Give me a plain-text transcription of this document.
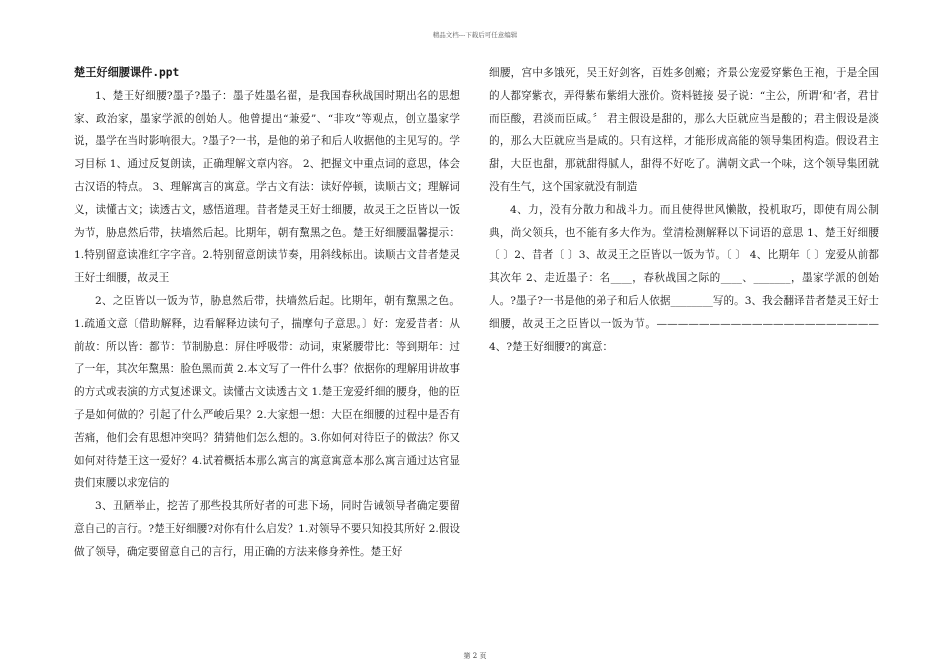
精品文档---下载后可任意编辑

楚王好细腰课件.ppt

1、楚王好细腰?墨子?墨子：墨子姓墨名翟，是我国春秋战国时期出名的思想家、政治家，墨家学派的创始人。他曾提出“兼爱”、“非攻”等观点，创立墨家学说，墨学在当时影响很大。?墨子?一书，是他的弟子和后人收据他的主见写的。学习目标 1、通过反复朗读，正确理解文章内容。 2、把握文中重点词的意思，体会古汉语的特点。 3、理解寓言的寓意。学古文有法：读好停顿，读顺古文；理解词义，读懂古文；读透古文，感悟道理。昔者楚灵王好士细腰，故灵王之臣皆以一饭为节，胁息然后带，扶墙然后起。比期年，朝有黧黑之色。楚王好细腰温馨提示：1.特别留意读准红字字音。2.特别留意朗读节奏，用斜线标出。读顺古文昔者楚灵王好士细腰，故灵王

2、之臣皆以一饭为节，胁息然后带，扶墙然后起。比期年，朝有黧黑之色。1.疏通文意〔借助解释，边看解释边读句子，揣摩句子意思。〕好：宠爱昔者：从前故：所以皆：都节：节制胁息：屏住呼吸带：动词，束紧腰带比：等到期年：过了一年，其次年黧黑：脸色黑而黄 2.本文写了一件什么事？依据你的理解用讲故事的方式或表演的方式复述课文。读懂古文读透古文 1.楚王宠爱纤细的腰身，他的臣子是如何做的？引起了什么严峻后果？2.大家想一想：大臣在细腰的过程中是否有苦痛，他们会有思想冲突吗？猜猜他们怎么想的。3.你如何对待臣子的做法？你又如何对待楚王这一爱好？4.试着概括本那么寓言的寓意寓意本那么寓言通过达官显贵们束腰以求宠信的

3、丑陋举止，挖苦了那些投其所好者的可悲下场，同时告诫领导者确定要留意自己的言行。?楚王好细腰?对你有什么启发？1.对领导不要只知投其所好 2.假设做了领导，确定要留意自己的言行，用正确的方法来修身养性。楚王好

细腰，宫中多饿死，吴王好剑客，百姓多创瘢；齐景公宠爱穿紫色王袍，于是全国的人都穿紫衣，弄得紫布紫绢大涨价。资料链接 晏子说：“主公，所谓‘和’者，君甘而臣酸，君淡而臣咸。〞 君主假设是甜的，那么大臣就应当是酸的；君主假设是淡的，那么大臣就应当是咸的。只有这样，才能形成高能的领导集团构造。假设君主甜，大臣也甜，那就甜得腻人，甜得不好吃了。满朝文武一个味，这个领导集团就没有生气，这个国家就没有制造

4、力，没有分散力和战斗力。而且使得世风懒散，投机取巧，即使有周公制典，尚父领兵，也不能有多大作为。堂清检测解释以下词语的意思 1、楚王好细腰〔 〕2、昔者〔 〕3、故灵王之臣皆以一饭为节。〔 〕 4、比期年〔 〕宠爱从前都其次年 2、走近墨子：名____，春秋战国之际的____、_______，墨家学派的创始人。?墨子?一书是他的弟子和后人依据________写的。3、我会翻译昔者楚灵王好士细腰，故灵王之臣皆以一饭为节。—————————————————————4、?楚王好细腰?的寓意：

第 2 页
